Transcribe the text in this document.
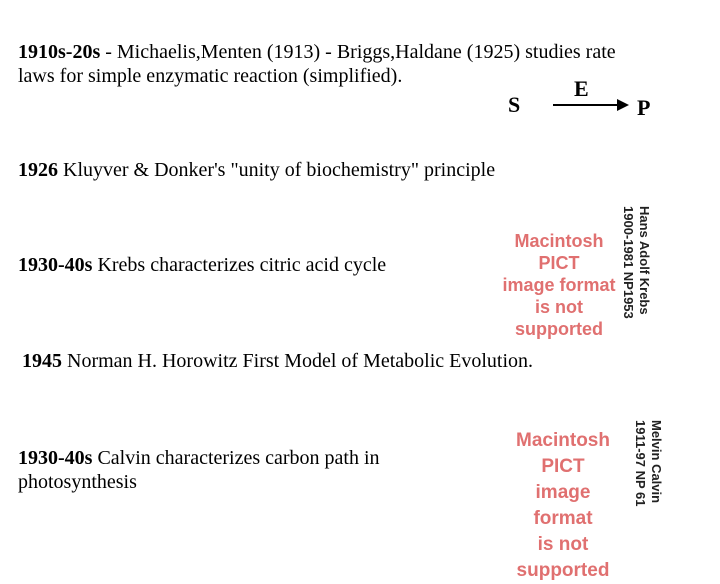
1910s-20s - Michaelis,Menten (1913) - Briggs,Haldane (1925) studies rate
laws for simple enzymatic reaction (simplified).	E
S	P
1926 Kluyver & Donker's "unity of biochemistry" principle
1930-40s Krebs characterizes citric acid cycle
Macintosh PICT
image format
is not supported
Hans Adolf Krebs
1900-1981 NP1953
1945 Norman H. Horowitz First Model of Metabolic Evolution.
1930-40s Calvin characterizes carbon path in
photosynthesis
Macintosh PICT
image format
is not supported
Melvin Calvin
1911-97 NP 61
